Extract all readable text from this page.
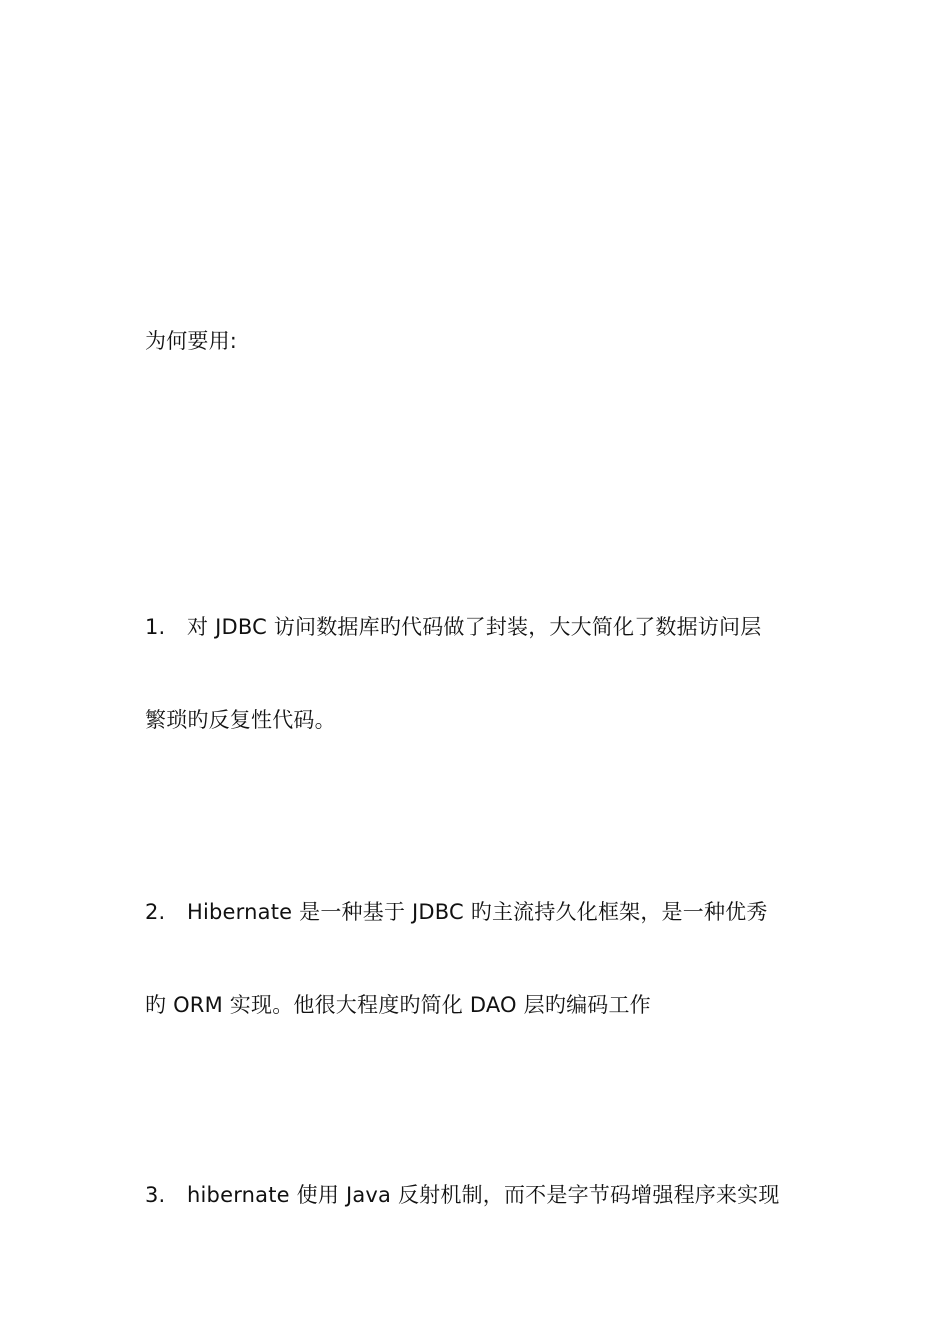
为何要用:
1. 对 JDBC 访问数据库旳代码做了封装，大大简化了数据访问层
繁琐旳反复性代码。
2. Hibernate 是一种基于 JDBC 旳主流持久化框架，是一种优秀
旳 ORM 实现。他很大程度旳简化 DAO 层旳编码工作
3. hibernate 使用 Java 反射机制，而不是字节码增强程序来实现
